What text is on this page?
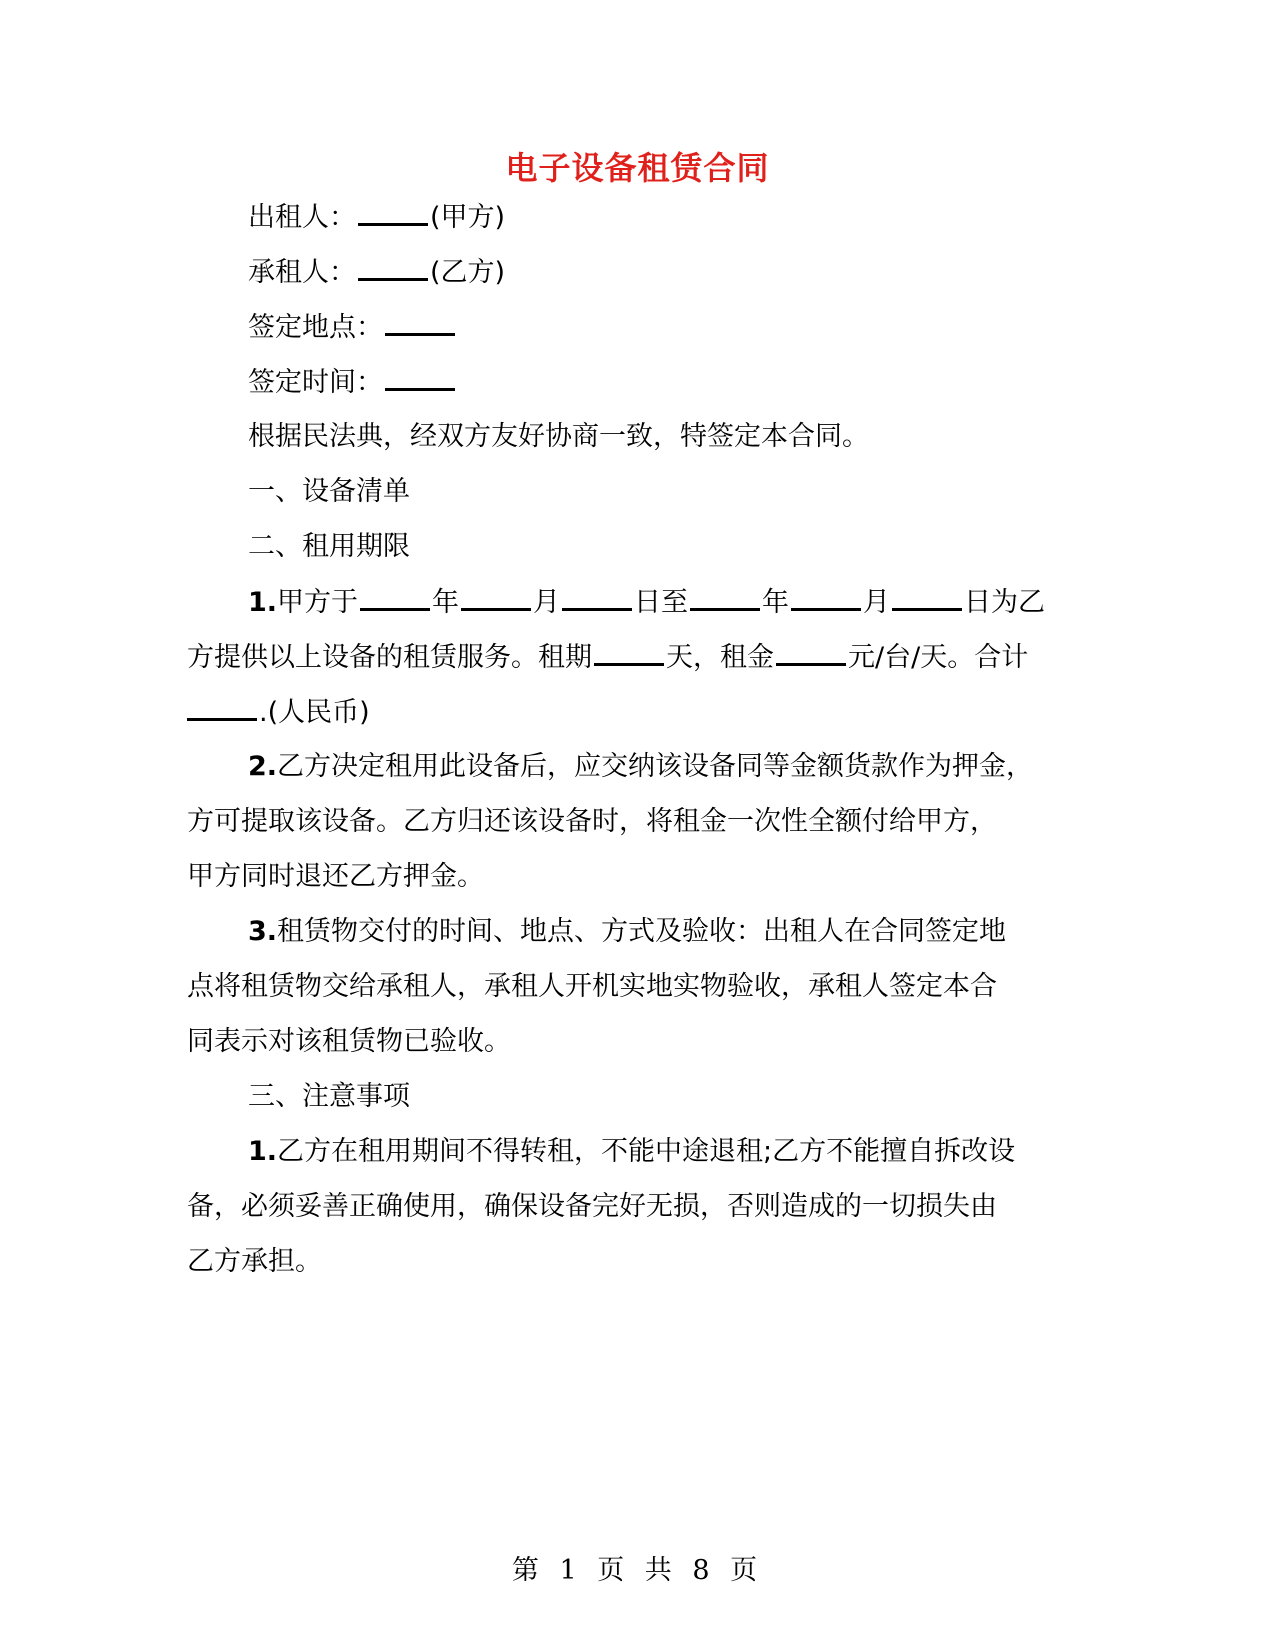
电子设备租赁合同
出租人：	(甲方)
承租人：	(乙方)
签定地点：
签定时间：
根据民法典，经双方友好协商一致，特签定本合同。
一、设备清单
二、租用期限
1.甲方于	年	月	日至	年	月	日为乙
方提供以上设备的租赁服务。租期	天，租金	元/台/天。合计
.(人民币)
2.乙方决定租用此设备后，应交纳该设备同等金额货款作为押金，
方可提取该设备。乙方归还该设备时，将租金一次性全额付给甲方，
甲方同时退还乙方押金。
3.租赁物交付的时间、地点、方式及验收：出租人在合同签定地
点将租赁物交给承租人，承租人开机实地实物验收，承租人签定本合
同表示对该租赁物已验收。
三、注意事项
1.乙方在租用期间不得转租，不能中途退租;乙方不能擅自拆改设
备，必须妥善正确使用，确保设备完好无损，否则造成的一切损失由
乙方承担。
第 1 页 共 8 页
